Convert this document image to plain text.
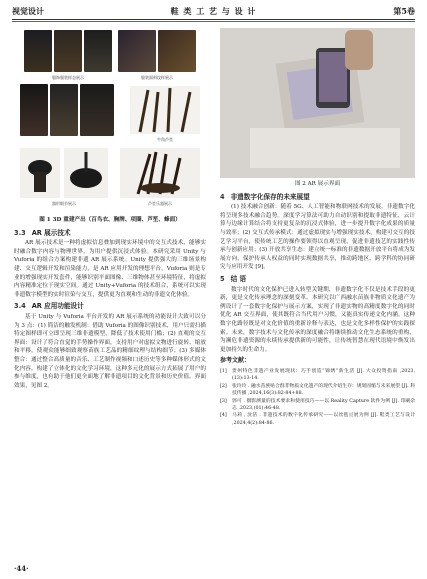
视觉设计	鞋 类 工 艺 与 设 计	第5卷
服饰服装样态展示	服装面料纹样展示
牛角芦笙
器形细节展示	芦笙乐器展示
图 1 3D 重建产出（百鸟衣、胸牌、项圈、芦笙、蜂面）
3.3 AR 展示技术

AR 展示技术是一种将虚拟信息叠加到现实环境中的交互式技术，能够实时融合数字内容与物理世界，为用户提供沉浸式体验。本研究采用 Unity 与 Vuforia 的组合方案构建非遗 AR 展示系统。Unity 提供强大的三维场景构建、交互逻辑开发和渲染能力，是 AR 应用开发的理想平台。Vuforia 则是专业的增强现实开发套件，能够识别平面图像、三维物体甚至环境特征，将虚拟内容精准定位于现实空间。通过 Unity+Vuforia 的技术组合，系统可以实现非遗数字模型的实时渲染与交互，提供更为直观和生动的非遗文化体验。

3.4 AR 应用功能设计

基于 Unity 与 Vuforia 平台开发的 AR 展示系统的功能设计大致可以分为 3 点：(1) 简洁的触发机制：借助 Vuforia 的图像识别技术，用户只需扫描特定图样即可立即呈现三维非遗模型，降低了技术使用门槛；(2) 直观的交互界面：设计了符合直觉的手势操作界面，支持用户对虚拟文物进行旋转、缩放和平移，使观众能够细致观察苗族工艺品的精细纹理与结构细节；(3) 多媒体整合：通过整合高质量的音乐、工艺制作视频和口述历史等多种媒体形式的文化内容，构建了立体化的文化学习环境，这种多元化的展示方式拓展了用户的参与维度，也有助于他们更全面地了解非遗项目的文化背景和历史价值。界面效果，见图 2。

图 2 AR 展示界面
4 非遗数字化保存的未来展望

(1) 技术融合创新：随着 5G、人工智能和物联网技术的发展，非遗数字化将呈现多技术融合趋势。深度学习算法可助力自动识别和提取非遗特征，云计算与边缘计算结合将支持更复杂的沉浸式体验，进一步提升数字化成果的质量与效率；(2) 交互式传承模式：通过虚拟现实与增强现实技术，构建可交互的技艺学习平台，使传统工艺的操作要领得以直观呈现，促进非遗技艺的实践性传承与创新应用；(3) 开放共享生态：建立统一标准的非遗数据开放平台将成为发展方向，保护传承人权益的同时实现数据共享，推动跨地区、跨学科的协同研究与应用开发 [9]。

5 结 语

数字时代的文化保护已进入转型关键期，非遗数字化不仅是技术手段的更新，更是文化传承理念的深刻变革。本研究以广西融水苗族非物质文化遗产为例设计了一套数字化保护与展示方案，实现了非遗实物的高精度数字化的同时优化 AR 交互界面，使其既符合当代用户习惯，又能真实传递文化内涵。这种数字化路径既是对文化价值的重新诠释与表达，也是文化多样性保护的实践探索。未来，数字技术与文化传承的深度融合将继续推动文化生态系统的重构，为濒危非遗资源的永续传承提供新的可能性，让传统智慧在现代语境中焕发出更加持久的生命力。

参考文献：
[1]	贵州特色非遗产业发展现状：巧手创造“锦绣”新生活 [J]. 大众投资指南 ,2023,(13):13-14.
[2]	张玲玲 . 融水苗族贴合群非物质文化遗产的现代介绍生存：规划固缩与未来展望 [J]. 科技传播 ,2024,16(3):82-84+88.
[3]	郭可 . 摄影测量的技术要求和使用技巧——以 Reality Capture 软件为例 [J]. 印刷杂志 ,2023,(01):46-48.
[4]	马莉 , 沈洁 . 非遗技术的数字化传承研究——以丝毯亘展为例 [J]. 鞋类工艺与设计 ,2024,4(2):84-86.
·44·
